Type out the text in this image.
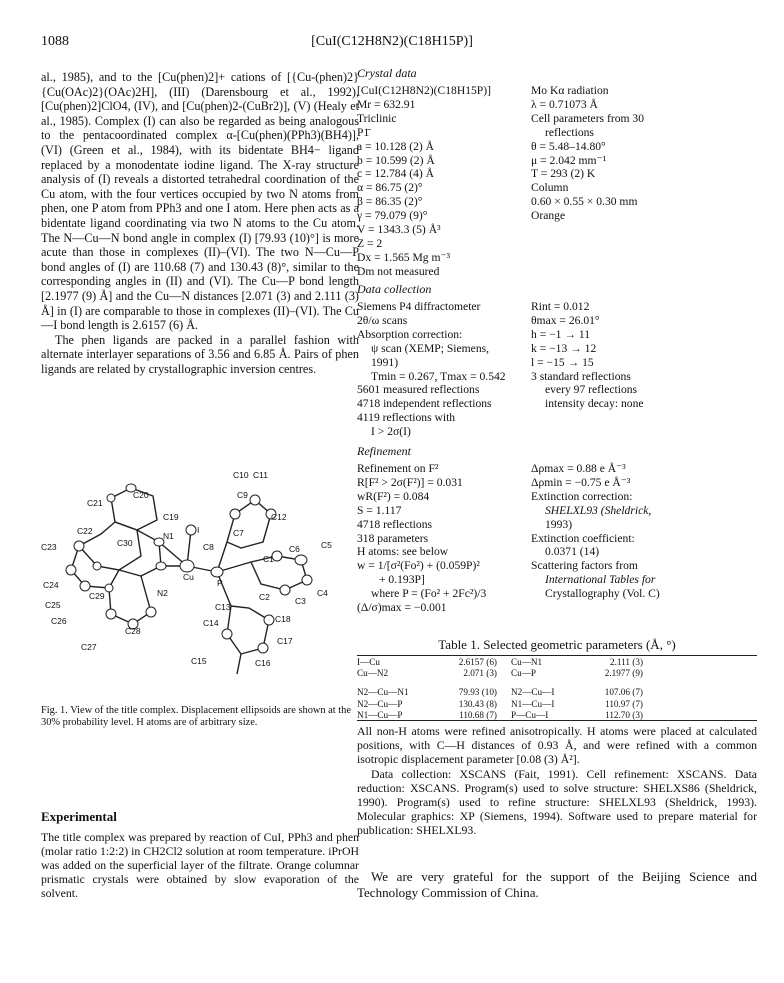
1088	[CuI(C12H8N2)(C18H15P)]

al., 1985), and to the [Cu(phen)2]+ cations of [{Cu-(phen)2}{Cu(OAc)2}(OAc)2H], (III) (Darensbourg et al., 1992), [Cu(phen)2]ClO4, (IV), and [Cu(phen)2-(CuBr2)], (V) (Healy et al., 1985). Complex (I) can also be regarded as being analogous to the pentacoordinated complex α-[Cu(phen)(PPh3)(BH4)], (VI) (Green et al., 1984), with its bidentate BH4− ligand replaced by a monodentate iodine ligand. The X-ray structure analysis of (I) reveals a distorted tetrahedral coordination of the Cu atom, with the four vertices occupied by two N atoms from phen, one P atom from PPh3 and one I atom. Here phen acts as a bidentate ligand coordinating via two N atoms to the Cu atom. The N—Cu—N bond angle in complex (I) [79.93 (10)°] is more acute than those in complexes (II)–(VI). The two N—Cu—P bond angles of (I) are 110.68 (7) and 130.43 (8)°, similar to the corresponding angles in (II) and (VI). The Cu—P bond length [2.1977 (9) Å] and the Cu—N distances [2.071 (3) and 2.111 (3) Å] in (I) are comparable to those in complexes (II)–(VI). The Cu—I bond length is 2.6157 (6) Å.

The phen ligands are packed in a parallel fashion with alternate interlayer separations of 3.56 and 6.85 Å. Pairs of phen ligands are related by crystallographic inversion centres.

C10 C11
C20	C9
C21
C19	C12
C22	N1
C8
C7
C23	C30
C6 C5
C1
Cu
P
C24
C29	N2	C2	C3
C4
C25	C13
C18
C26
C28
C14
C27
C17
C15	C16
I
Fig. 1. View of the title complex. Displacement ellipsoids are shown at the 30% probability level. H atoms are of arbitrary size.
Experimental
The title complex was prepared by reaction of CuI, PPh3 and phen (molar ratio 1:2:2) in CH2Cl2 solution at room temperature. iPrOH was added on the superficial layer of the filtrate. Orange columnar prismatic crystals were obtained by slow evaporation of the solvent.
Crystal data
[CuI(C12H8N2)(C18H15P)]
Mr = 632.91
Triclinic
P1̄
a = 10.128 (2) Å
b = 10.599 (2) Å
c = 12.784 (4) Å
α = 86.75 (2)°
β = 86.35 (2)°
γ = 79.079 (9)°
V = 1343.3 (5) Å³
Z = 2
Dx = 1.565 Mg m⁻³
Dm not measured
Mo Kα radiation
λ = 0.71073 Å
Cell parameters from 30
reflections
θ = 5.48–14.80°
μ = 2.042 mm⁻¹
T = 293 (2) K
Column
0.60 × 0.55 × 0.30 mm
Orange
Data collection
Siemens P4 diffractometer
2θ/ω scans
Absorption correction:
ψ scan (XEMP; Siemens,
1991)
Tmin = 0.267, Tmax = 0.542
5601 measured reflections
4718 independent reflections
4119 reflections with
I > 2σ(I)
Rint = 0.012
θmax = 26.01°
h = −1 → 11
k = −13 → 12
l = −15 → 15
3 standard reflections
every 97 reflections
intensity decay: none
Refinement
Refinement on F²
R[F² > 2σ(F²)] = 0.031
wR(F²) = 0.084
S = 1.117
4718 reflections
318 parameters
H atoms: see below
w = 1/[σ²(Fo²) + (0.059P)²
+ 0.193P]
where P = (Fo² + 2Fc²)/3
(Δ/σ)max = −0.001
Δρmax = 0.88 e Å⁻³
Δρmin = −0.75 e Å⁻³
Extinction correction:
SHELXL93 (Sheldrick,
1993)
Extinction coefficient:
0.0371 (14)
Scattering factors from
International Tables for
Crystallography (Vol. C)
Table 1. Selected geometric parameters (Å, °)
I—Cu	2.6157 (6)	Cu—N1	2.111 (3)
Cu—N2	2.071 (3)	Cu—P	2.1977 (9)
N2—Cu—N1	79.93 (10)	N2—Cu—I	107.06 (7)
N2—Cu—P	130.43 (8)	N1—Cu—I	110.97 (7)
N1—Cu—P	110.68 (7)	P—Cu—I	112.70 (3)

All non-H atoms were refined anisotropically. H atoms were placed at calculated positions, with C—H distances of 0.93 Å, and were refined with a common isotropic displacement parameter [0.08 (3) Å²].

Data collection: XSCANS (Fait, 1991). Cell refinement: XSCANS. Data reduction: XSCANS. Program(s) used to solve structure: SHELXS86 (Sheldrick, 1990). Program(s) used to refine structure: SHELXL93 (Sheldrick, 1993). Molecular graphics: XP (Siemens, 1994). Software used to prepare material for publication: SHELXL93.

We are very grateful for the support of the Beijing Science and Technology Commission of China.
